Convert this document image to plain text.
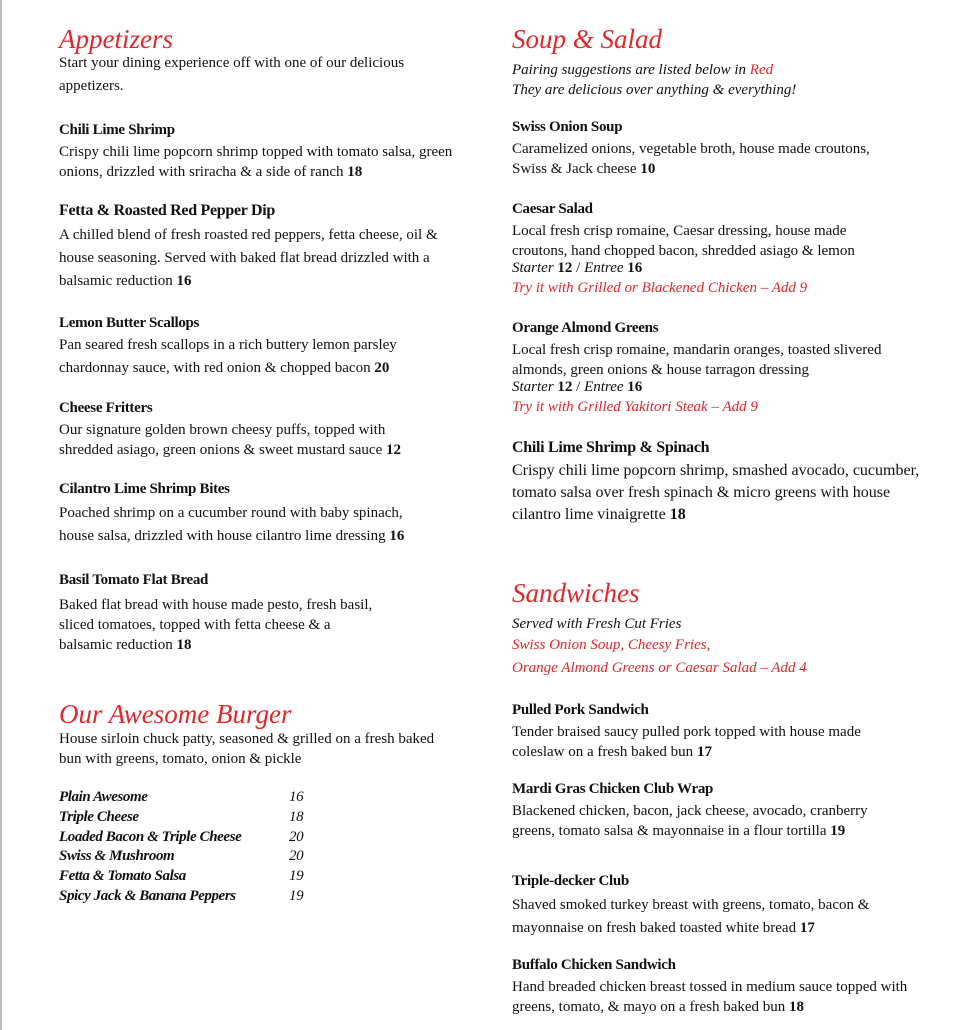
Appetizers
Start your dining experience off with one of our delicious appetizers.
Chili Lime Shrimp
Crispy chili lime popcorn shrimp topped with tomato salsa, green onions, drizzled with sriracha & a side of ranch 18
Fetta & Roasted Red Pepper Dip
A chilled blend of fresh roasted red peppers, fetta cheese, oil & house seasoning. Served with baked flat bread drizzled with a balsamic reduction 16
Lemon Butter Scallops
Pan seared fresh scallops in a rich buttery lemon parsley chardonnay sauce, with red onion & chopped bacon 20
Cheese Fritters
Our signature golden brown cheesy puffs, topped with shredded asiago, green onions & sweet mustard sauce 12
Cilantro Lime Shrimp Bites
Poached shrimp on a cucumber round with baby spinach, house salsa, drizzled with house cilantro lime dressing 16
Basil Tomato Flat Bread
Baked flat bread with house made pesto, fresh basil, sliced tomatoes, topped with fetta cheese & a balsamic reduction 18
Our Awesome Burger
House sirloin chuck patty, seasoned & grilled on a fresh baked bun with greens, tomato, onion & pickle
Plain Awesome	16
Triple Cheese	18
Loaded Bacon & Triple Cheese	20
Swiss & Mushroom	20
Fetta & Tomato Salsa	19
Spicy Jack & Banana Peppers	19
Soup & Salad
Pairing suggestions are listed below in Red
They are delicious over anything & everything!
Swiss Onion Soup
Caramelized onions, vegetable broth, house made croutons, Swiss & Jack cheese 10
Caesar Salad
Local fresh crisp romaine, Caesar dressing, house made croutons, hand chopped bacon, shredded asiago & lemon
Starter 12 / Entree 16
Try it with Grilled or Blackened Chicken – Add 9
Orange Almond Greens
Local fresh crisp romaine, mandarin oranges, toasted slivered almonds, green onions & house tarragon dressing
Starter 12 / Entree 16
Try it with Grilled Yakitori Steak – Add 9
Chili Lime Shrimp & Spinach
Crispy chili lime popcorn shrimp, smashed avocado, cucumber, tomato salsa over fresh spinach & micro greens with house cilantro lime vinaigrette 18
Sandwiches
Served with Fresh Cut Fries
Swiss Onion Soup, Cheesy Fries,
Orange Almond Greens or Caesar Salad – Add 4
Pulled Pork Sandwich
Tender braised saucy pulled pork topped with house made coleslaw on a fresh baked bun 17
Mardi Gras Chicken Club Wrap
Blackened chicken, bacon, jack cheese, avocado, cranberry greens, tomato salsa & mayonnaise in a flour tortilla 19
Triple-decker Club
Shaved smoked turkey breast with greens, tomato, bacon & mayonnaise on fresh baked toasted white bread 17
Buffalo Chicken Sandwich
Hand breaded chicken breast tossed in medium sauce topped with greens, tomato, & mayo on a fresh baked bun 18
